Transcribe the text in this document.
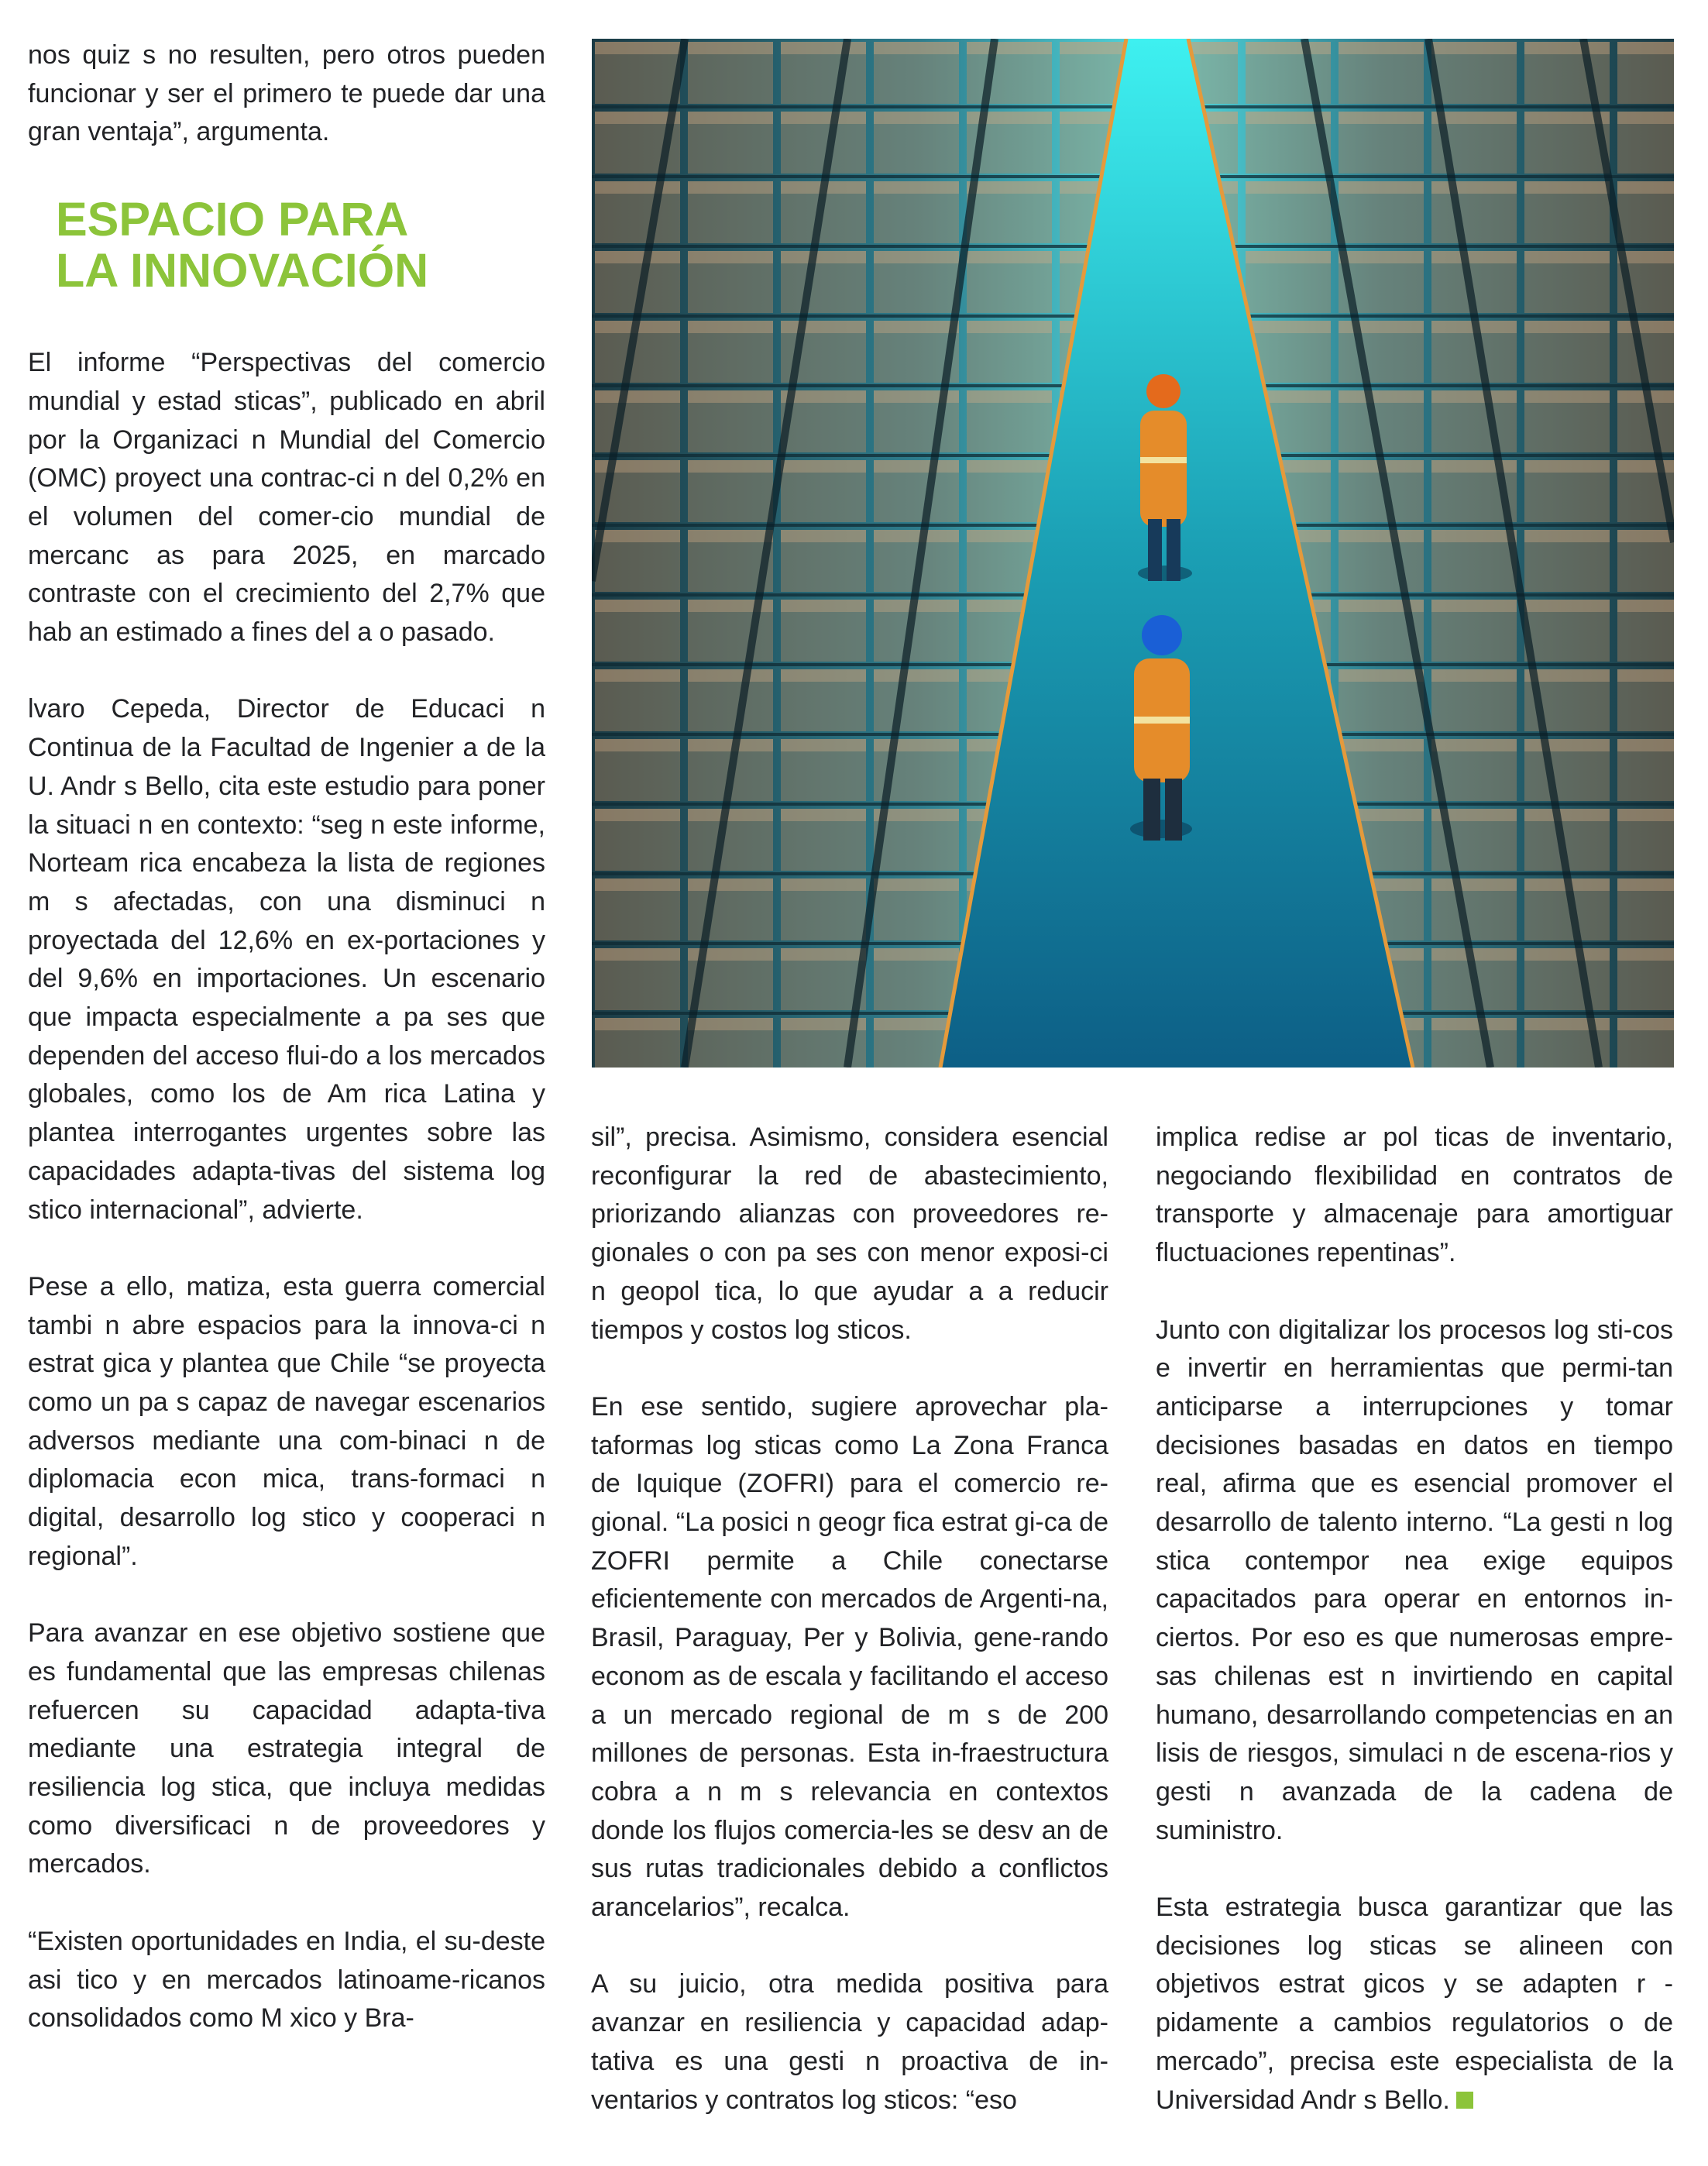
nos quiz s no resulten, pero otros pueden funcionar y ser el primero te puede dar una gran ventaja”, argumenta.

ESPACIO PARA
LA INNOVACIÓN

El informe “Perspectivas del comercio mundial y estad sticas”, publicado en abril por la Organizaci n Mundial del Comercio (OMC) proyect una contrac-ci n del 0,2% en el volumen del comer-cio mundial de mercanc as para 2025, en marcado contraste con el crecimiento del 2,7% que hab an estimado a fines del a o pasado.

lvaro Cepeda, Director de Educaci n Continua de la Facultad de Ingenier a de la U. Andr s Bello, cita este estudio para poner la situaci n en contexto: “seg n este informe, Norteam rica encabeza la lista de regiones m s afectadas, con una disminuci n proyectada del 12,6% en ex-portaciones y del 9,6% en importaciones. Un escenario que impacta especialmente a pa ses que dependen del acceso flui-do a los mercados globales, como los de Am rica Latina y plantea interrogantes urgentes sobre las capacidades adapta-tivas del sistema log stico internacional”, advierte.

Pese a ello, matiza, esta guerra comercial tambi n abre espacios para la innova-ci n estrat gica y plantea que Chile “se proyecta como un pa s capaz de navegar escenarios adversos mediante una com-binaci n de diplomacia econ mica, trans-formaci n digital, desarrollo log stico y cooperaci n regional”.

Para avanzar en ese objetivo sostiene que es fundamental que las empresas chilenas refuercen su capacidad adapta-tiva mediante una estrategia integral de resiliencia log stica, que incluya medidas como diversificaci n de proveedores y mercados.

“Existen oportunidades en India, el su-deste asi tico y en mercados latinoame-ricanos consolidados como M xico y Bra-

sil”, precisa. Asimismo, considera esencial reconfigurar la red de abastecimiento, priorizando alianzas con proveedores re-gionales o con pa ses con menor exposi-ci n geopol tica, lo que ayudar a a reducir tiempos y costos log sticos.

En ese sentido, sugiere aprovechar pla-taformas log sticas como La Zona Franca de Iquique (ZOFRI) para el comercio re-gional. “La posici n geogr fica estrat gi-ca de ZOFRI permite a Chile conectarse eficientemente con mercados de Argenti-na, Brasil, Paraguay, Per y Bolivia, gene-rando econom as de escala y facilitando el acceso a un mercado regional de m s de 200 millones de personas. Esta in-fraestructura cobra a n m s relevancia en contextos donde los flujos comercia-les se desv an de sus rutas tradicionales debido a conflictos arancelarios”, recalca.

A su juicio, otra medida positiva para avanzar en resiliencia y capacidad adap-tativa es una gesti n proactiva de in-ventarios y contratos log sticos: “eso

implica redise ar pol ticas de inventario, negociando flexibilidad en contratos de transporte y almacenaje para amortiguar fluctuaciones repentinas”.

Junto con digitalizar los procesos log sti-cos e invertir en herramientas que permi-tan anticiparse a interrupciones y tomar decisiones basadas en datos en tiempo real, afirma que es esencial promover el desarrollo de talento interno. “La gesti n log stica contempor nea exige equipos capacitados para operar en entornos in-ciertos. Por eso es que numerosas empre-sas chilenas est n invirtiendo en capital humano, desarrollando competencias en an lisis de riesgos, simulaci n de escena-rios y gesti n avanzada de la cadena de suministro.

Esta estrategia busca garantizar que las decisiones log sticas se alineen con objetivos estrat gicos y se adapten r -pidamente a cambios regulatorios o de mercado”, precisa este especialista de la Universidad Andr s Bello.
